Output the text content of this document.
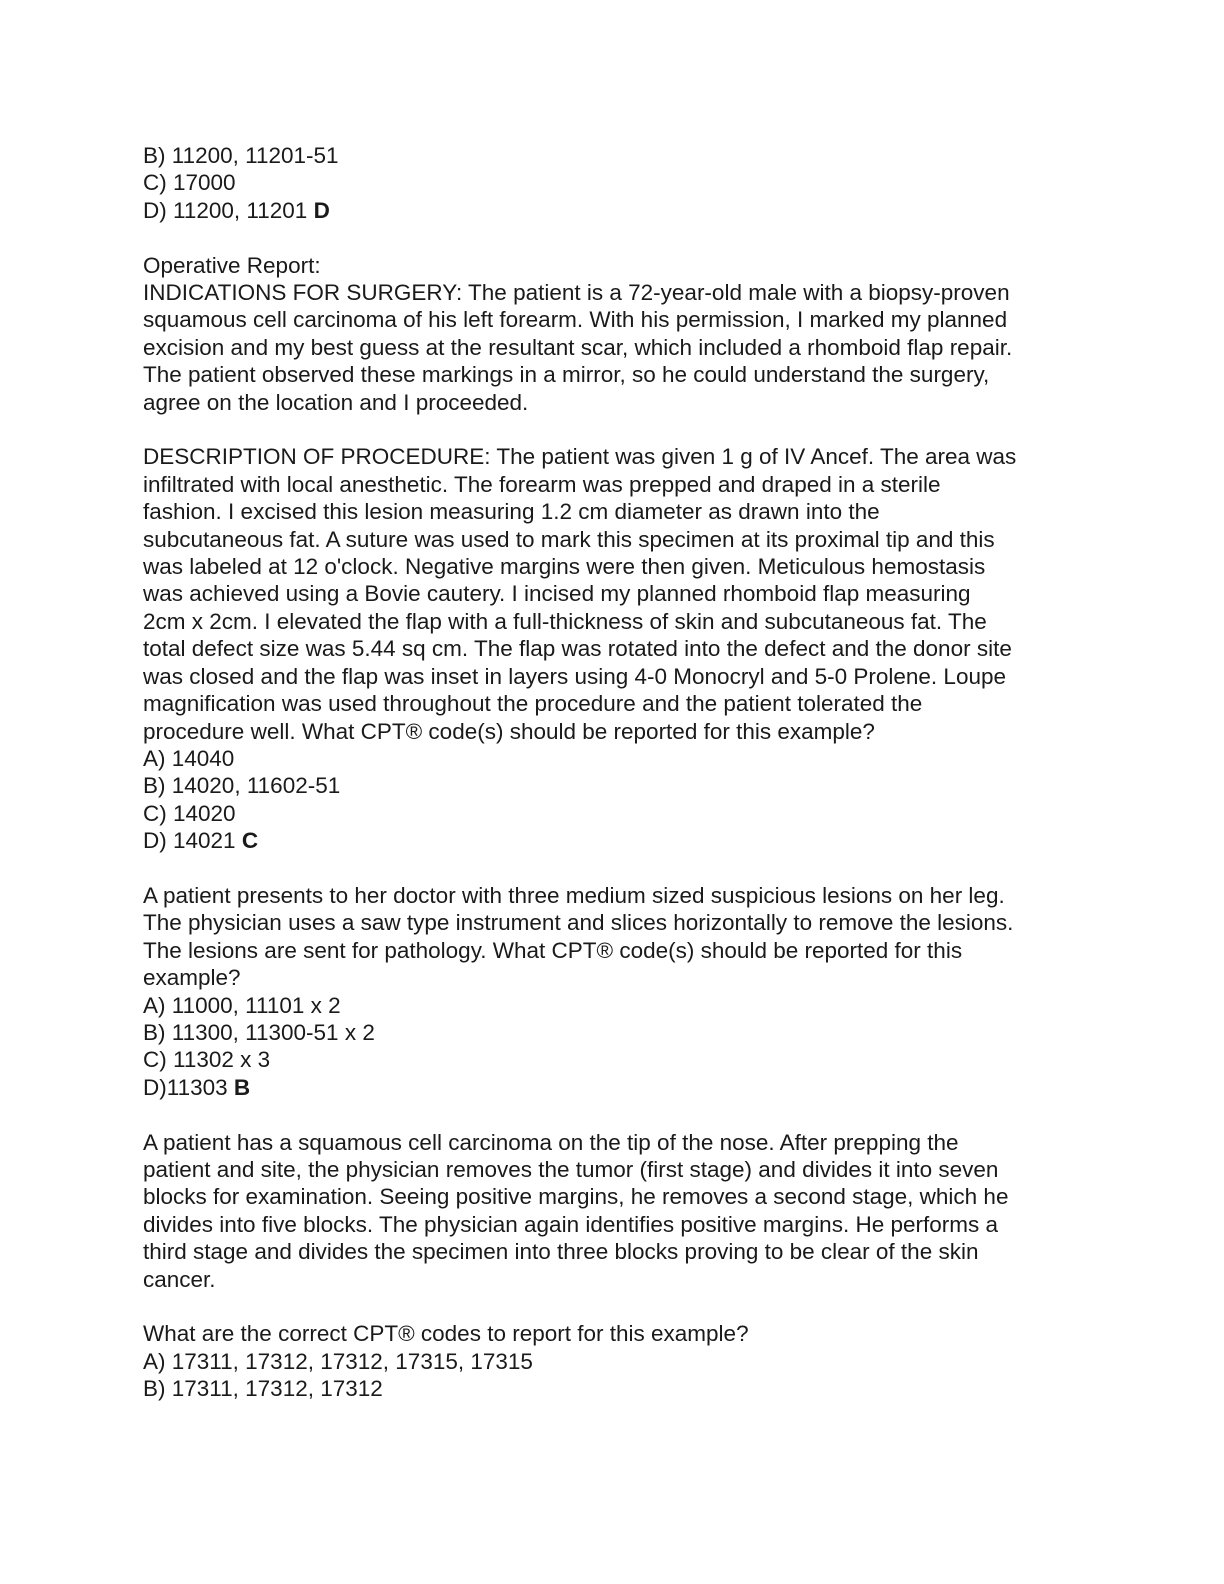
B) 11200, 11201-51
C) 17000
D) 11200, 11201 D
Operative Report:
INDICATIONS FOR SURGERY: The patient is a 72-year-old male with a biopsy-proven
squamous cell carcinoma of his left forearm. With his permission, I marked my planned
excision and my best guess at the resultant scar, which included a rhomboid flap repair.
The patient observed these markings in a mirror, so he could understand the surgery,
agree on the location and I proceeded.
DESCRIPTION OF PROCEDURE: The patient was given 1 g of IV Ancef. The area was
infiltrated with local anesthetic. The forearm was prepped and draped in a sterile
fashion. I excised this lesion measuring 1.2 cm diameter as drawn into the
subcutaneous fat. A suture was used to mark this specimen at its proximal tip and this
was labeled at 12 o'clock. Negative margins were then given. Meticulous hemostasis
was achieved using a Bovie cautery. I incised my planned rhomboid flap measuring
2cm x 2cm. I elevated the flap with a full-thickness of skin and subcutaneous fat. The
total defect size was 5.44 sq cm. The flap was rotated into the defect and the donor site
was closed and the flap was inset in layers using 4-0 Monocryl and 5-0 Prolene. Loupe
magnification was used throughout the procedure and the patient tolerated the
procedure well. What CPT® code(s) should be reported for this example?
A) 14040
B) 14020, 11602-51
C) 14020
D) 14021 C
A patient presents to her doctor with three medium sized suspicious lesions on her leg.
The physician uses a saw type instrument and slices horizontally to remove the lesions.
The lesions are sent for pathology. What CPT® code(s) should be reported for this
example?
A) 11000, 11101 x 2
B) 11300, 11300-51 x 2
C) 11302 x 3
D)11303 B
A patient has a squamous cell carcinoma on the tip of the nose. After prepping the
patient and site, the physician removes the tumor (first stage) and divides it into seven
blocks for examination. Seeing positive margins, he removes a second stage, which he
divides into five blocks. The physician again identifies positive margins. He performs a
third stage and divides the specimen into three blocks proving to be clear of the skin
cancer.
What are the correct CPT® codes to report for this example?
A) 17311, 17312, 17312, 17315, 17315
B) 17311, 17312, 17312
